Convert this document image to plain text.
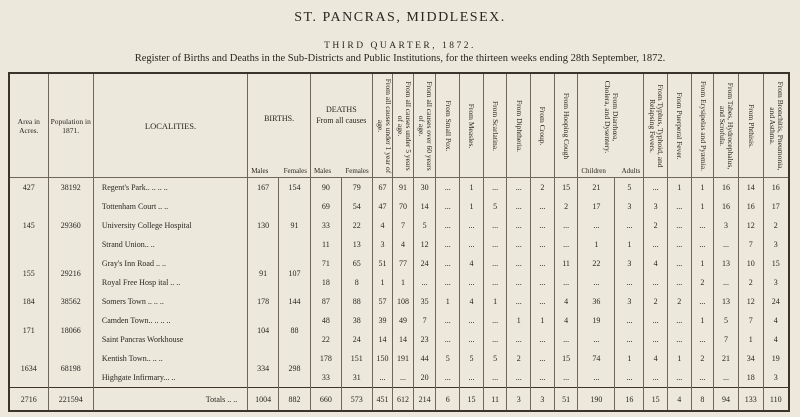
ST. PANCRAS, MIDDLESEX.
THIRD QUARTER, 1872.
Register of Births and Deaths in the Sub-Districts and Public Institutions, for the thirteen weeks ending 28th September, 1872.
Area in Acres.	Population in 1871.	LOCALITIES.	BIRTHS.
Males Females		DEATHS
From all causes
Males Females		From all causes under 1 year of age.	From all causes under 5 years of age.	From all causes over 60 years of age.	From Small Pox.	From Measles.	From Scarlatina.	From Diphtheria.	From Croup.	From Hooping Cough	From Diarrhœa, Cholera, and Dysentery.
Children Adults		From Typhus, Typhoid, and Relapsing Fevers.	From Puerperal Fever.	From Erysipelas and Pyæmia.	From Tabes, Hydrocephalus, and Scrofula.	From Phthisis.	From Bronchitis, Pneumonia, and Asthma.

427	38192	Regent's Park.. .. .. ..	167	154	90	79	67	91	30	...	1	...	...	2	15	21	5	...	1	1	16	14	16
145	29360	Tottenham Court .. ..	130	91	69	54	47	70	14	...	1	5	...	...	2	17	3	3	...	1	16	16	17
		University College Hospital			33	22	4	7	5	...	...	...	...	...	...	...	...	2	...	...	3	12	2
		Strand Union.. ..			11	13	3	4	12	...	...	...	...	...	...	1	1	...	...	...	...	7	3
155	29216	Gray's Inn Road .. ..	91	107	71	65	51	77	24	...	4	...	...	...	11	22	3	4	...	1	13	10	15
		Royal Free Hosp ital .. ..			18	8	1	1	...	...	...	...	...	...	...	...	...	...	...	2	...	2	3
184	38562	Somers Town .. .. ..	178	144	87	88	57	108	35	1	4	1	...	...	4	36	3	2	2	...	13	12	24
171	18066	Camden Town.. .. .. ..	104	88	48	38	39	49	7	...	...	...	1	1	4	19	...	...	...	1	5	7	4
		Saint Pancras Workhouse			22	24	14	14	23	...	...	...	...	...	...	...	...	...	...	...	7	1	4
1634	68198	Kentish Town.. .. ..	334	298	178	151	150	191	44	5	5	5	2	...	15	74	1	4	1	2	21	34	19
		Highgate Infirmary... ..			33	31	...	...	20	...	...	...	...	...	...	...	...	...	...	...	...	18	3
2716	221594	Totals .. ..	1004	882	660	573	451	612	214	6	15	11	3	3	51	190	16	15	4	8	94	133	110
